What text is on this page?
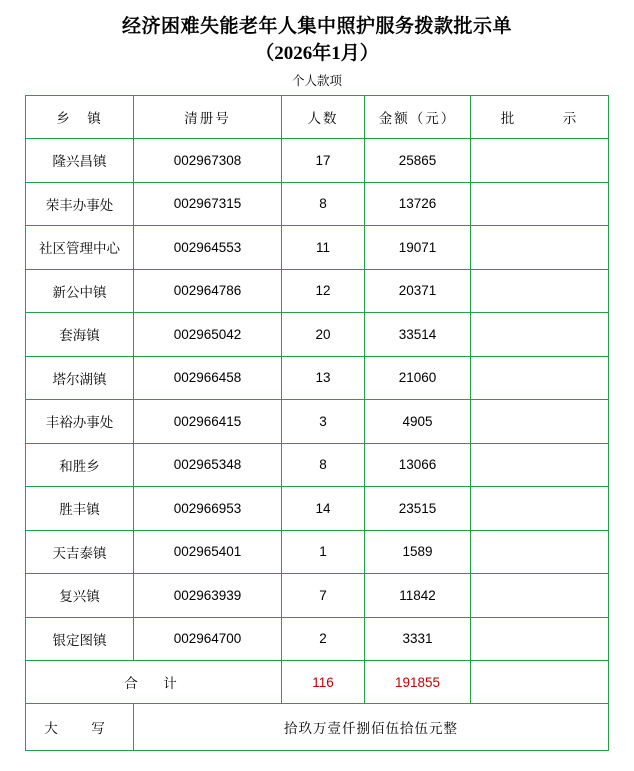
经济困难失能老年人集中照护服务拨款批示单
（2026年1月）
个人款项
乡　镇	清册号	人数	金额（元）	批　　　示
隆兴昌镇	002967308	17	25865	
荣丰办事处	002967315	8	13726	
社区管理中心	002964553	11	19071	
新公中镇	002964786	12	20371	
套海镇	002965042	20	33514	
塔尔湖镇	002966458	13	21060	
丰裕办事处	002966415	3	4905	
和胜乡	002965348	8	13066	
胜丰镇	002966953	14	23515	
天吉泰镇	002965401	1	1589	
复兴镇	002963939	7	11842	
银定图镇	002964700	2	3331	
合　计		116	191855	
大　写	拾玖万壹仟捌佰伍拾伍元整			
